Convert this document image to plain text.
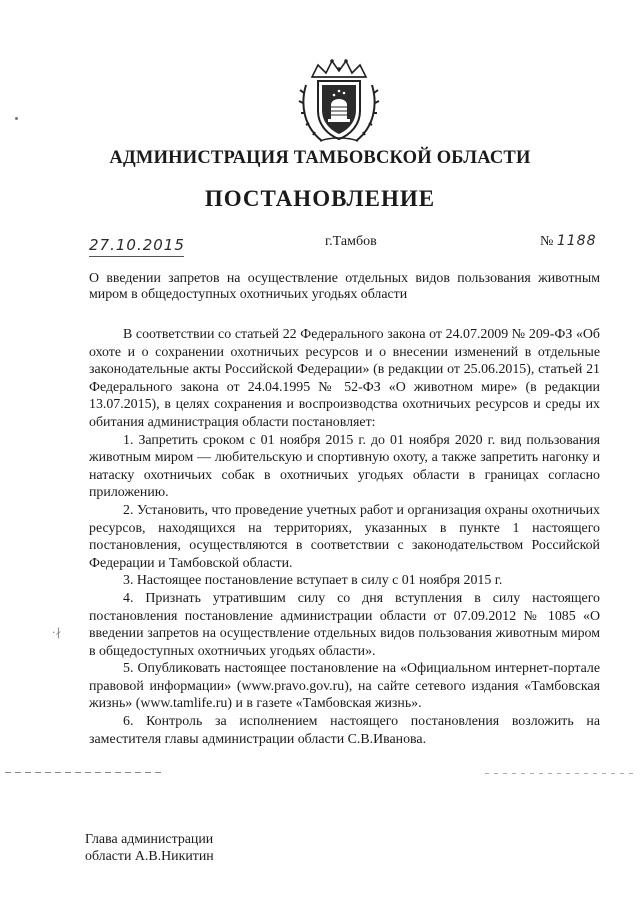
АДМИНИСТРАЦИЯ ТАМБОВСКОЙ ОБЛАСТИ
ПОСТАНОВЛЕНИЕ
27.10.2015	г.Тамбов	№ 1188

О введении запретов на осуществление отдельных видов пользования животным миром в общедоступных охотничьих угодьях области

В соответствии со статьей 22 Федерального закона от 24.07.2009 № 209-ФЗ «Об охоте и о сохранении охотничьих ресурсов и о внесении изменений в отдельные законодательные акты Российской Федерации» (в редакции от 25.06.2015), статьей 21 Федерального закона от 24.04.1995 № 52-ФЗ «О животном мире» (в редакции 13.07.2015), в целях сохранения и воспроизводства охотничьих ресурсов и среды их обитания администрация области постановляет:

1. Запретить сроком с 01 ноября 2015 г. до 01 ноября 2020 г. вид пользования животным миром — любительскую и спортивную охоту, а также запретить нагонку и натаску охотничьих собак в охотничьих угодьях области в границах согласно приложению.

2. Установить, что проведение учетных работ и организация охраны охотничьих ресурсов, находящихся на территориях, указанных в пункте 1 настоящего постановления, осуществляются в соответствии с законодательством Российской Федерации и Тамбовской области.

3. Настоящее постановление вступает в силу с 01 ноября 2015 г.

4. Признать утратившим силу со дня вступления в силу настоящего постановления постановление администрации области от 07.09.2012 № 1085 «О введении запретов на осуществление отдельных видов пользования животным миром в общедоступных охотничьих угодьях области».

5. Опубликовать настоящее постановление на «Официальном интернет-портале правовой информации» (www.pravo.gov.ru), на сайте сетевого издания «Тамбовская жизнь» (www.tamlife.ru) и в газете «Тамбовская жизнь».

6. Контроль за исполнением настоящего постановления возложить на заместителя главы администрации области С.В.Иванова.

Глава администрации
области А.В.Никитин
·∤
